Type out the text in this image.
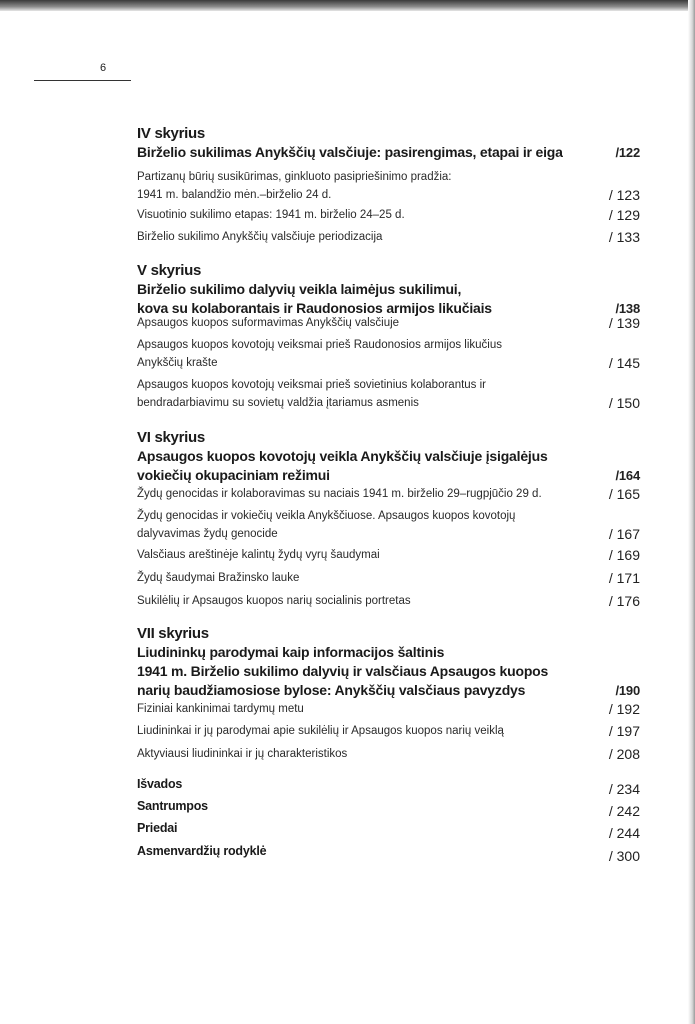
6
IV skyrius
Birželio sukilimas Anykščių valsčiuje: pasirengimas, etapai ir eiga	/122
Partizanų būrių susikūrimas, ginkluoto pasipriešinimo pradžia:
1941 m. balandžio mėn.–birželio 24 d.	/ 123
Visuotinio sukilimo etapas: 1941 m. birželio 24–25 d.	/ 129
Birželio sukilimo Anykščių valsčiuje periodizacija	/ 133
V skyrius
Birželio sukilimo dalyvių veikla laimėjus sukilimui,
kova su kolaborantais ir Raudonosios armijos likučiais	/138
Apsaugos kuopos suformavimas Anykščių valsčiuje	/ 139
Apsaugos kuopos kovotojų veiksmai prieš Raudonosios armijos likučius
Anykščių krašte	/ 145
Apsaugos kuopos kovotojų veiksmai prieš sovietinius kolaborantus ir
bendradarbiavimu su sovietų valdžia įtariamus asmenis	/ 150
VI skyrius
Apsaugos kuopos kovotojų veikla Anykščių valsčiuje įsigalėjus
vokiečių okupaciniam režimui	/164
Žydų genocidas ir kolaboravimas su naciais 1941 m. birželio 29–rugpjūčio 29 d.	/ 165
Žydų genocidas ir vokiečių veikla Anykščiuose. Apsaugos kuopos kovotojų
dalyvavimas žydų genocide	/ 167
Valsčiaus areštinėje kalintų žydų vyrų šaudymai	/ 169
Žydų šaudymai Bražinsko lauke	/ 171
Sukilėlių ir Apsaugos kuopos narių socialinis portretas	/ 176
VII skyrius
Liudininkų parodymai kaip informacijos šaltinis
1941 m. Birželio sukilimo dalyvių ir valsčiaus Apsaugos kuopos
narių baudžiamosiose bylose: Anykščių valsčiaus pavyzdys	/190
Fiziniai kankinimai tardymų metu	/ 192
Liudininkai ir jų parodymai apie sukilėlių ir Apsaugos kuopos narių veiklą	/ 197
Aktyviausi liudininkai ir jų charakteristikos	/ 208
Išvados	/ 234
Santrumpos	/ 242
Priedai	/ 244
Asmenvardžių rodyklė	/ 300
